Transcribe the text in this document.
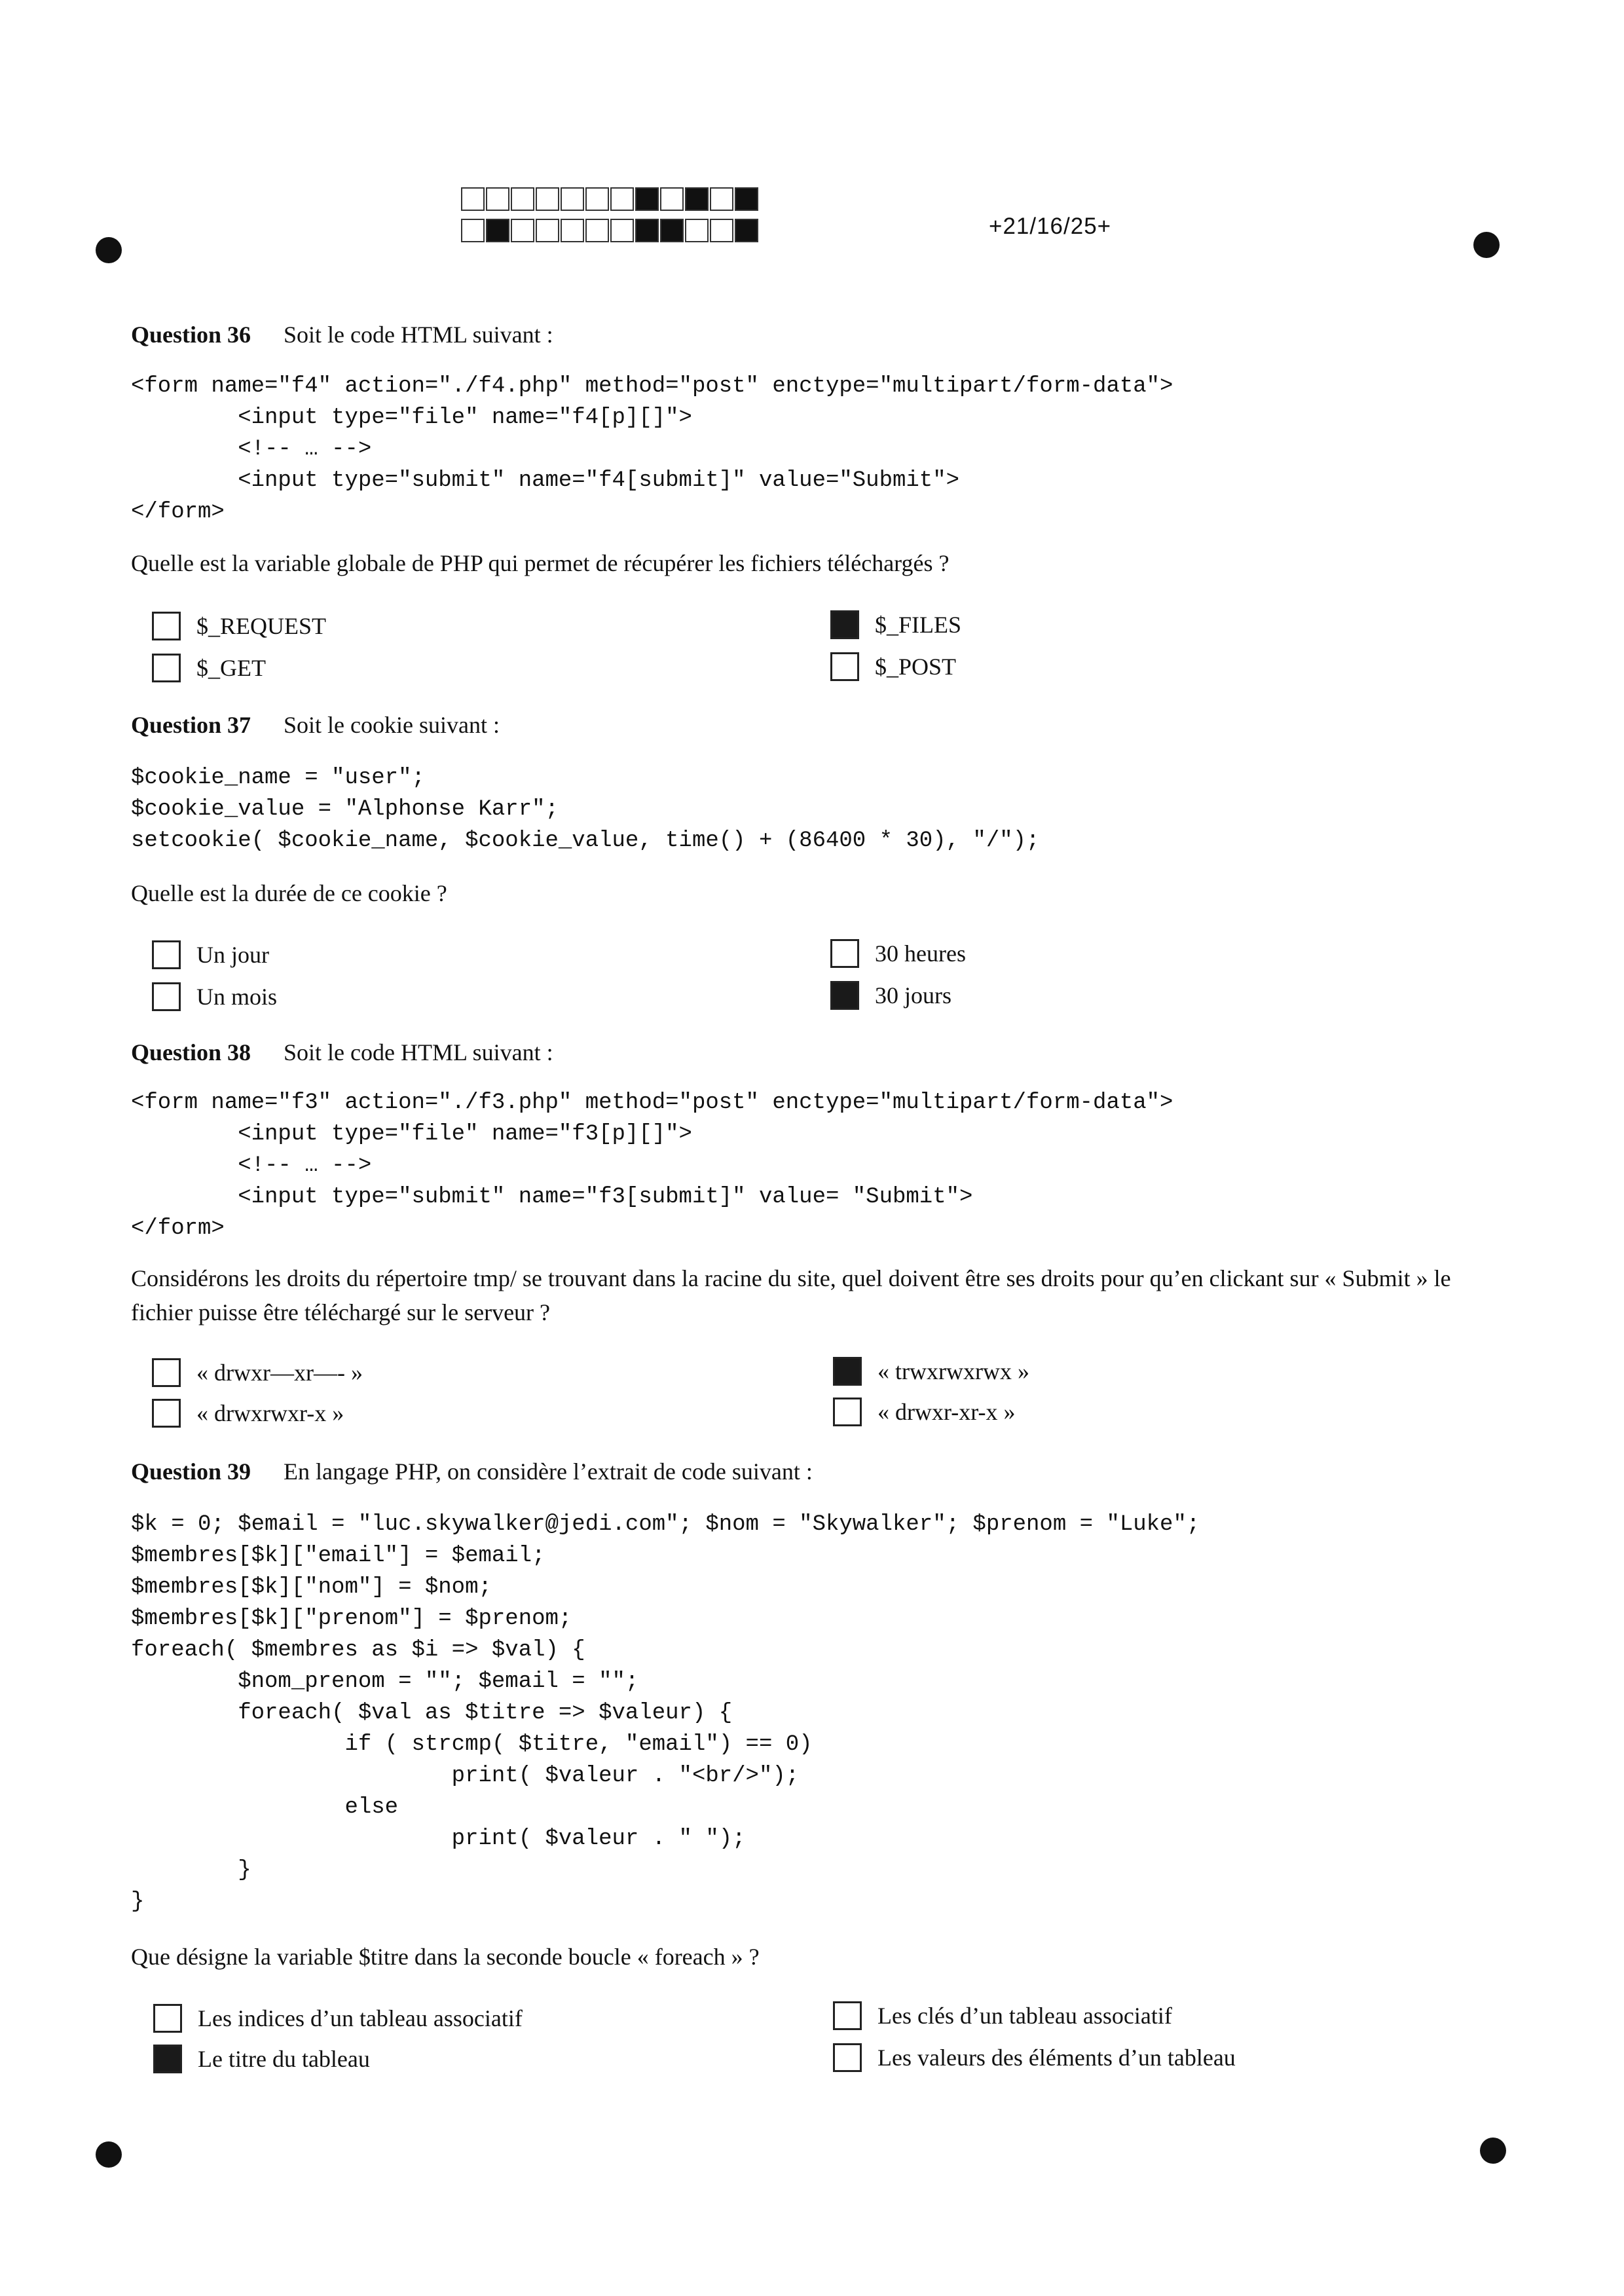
+21/16/25+
Question 36 Soit le code HTML suivant :
<form name="f4" action="./f4.php" method="post" enctype="multipart/form-data">
<input type="file" name="f4[p][]">
<!-- … -->
<input type="submit" name="f4[submit]" value="Submit">
</form>
Quelle est la variable globale de PHP qui permet de récupérer les fichiers téléchargés ?
$_REQUEST	$_FILES
$_GET	$_POST
Question 37 Soit le cookie suivant :
$cookie_name = "user";
$cookie_value = "Alphonse Karr";
setcookie( $cookie_name, $cookie_value, time() + (86400 * 30), "/");
Quelle est la durée de ce cookie ?
Un jour	30 heures
Un mois	30 jours
Question 38 Soit le code HTML suivant :
<form name="f3" action="./f3.php" method="post" enctype="multipart/form-data">
<input type="file" name="f3[p][]">
<!-- … -->
<input type="submit" name="f3[submit]" value= "Submit">
</form>
Considérons les droits du répertoire tmp/ se trouvant dans la racine du site, quel doivent être ses droits pour qu’en clickant sur « Submit » le fichier puisse être téléchargé sur le serveur ?
« drwxr—xr—- »	« trwxrwxrwx »
« drwxrwxr-x »	« drwxr-xr-x »
Question 39 En langage PHP, on considère l’extrait de code suivant :
$k = 0; $email = "luc.skywalker@jedi.com"; $nom = "Skywalker"; $prenom = "Luke";
$membres[$k]["email"] = $email;
$membres[$k]["nom"] = $nom;
$membres[$k]["prenom"] = $prenom;
foreach( $membres as $i => $val) {
$nom_prenom = ""; $email = "";
foreach( $val as $titre => $valeur) {
if ( strcmp( $titre, "email") == 0)
print( $valeur . "<br/>");
else
print( $valeur . " ");
}
}
Que désigne la variable $titre dans la seconde boucle « foreach » ?
Les indices d’un tableau associatif	Les clés d’un tableau associatif
Le titre du tableau	Les valeurs des éléments d’un tableau
